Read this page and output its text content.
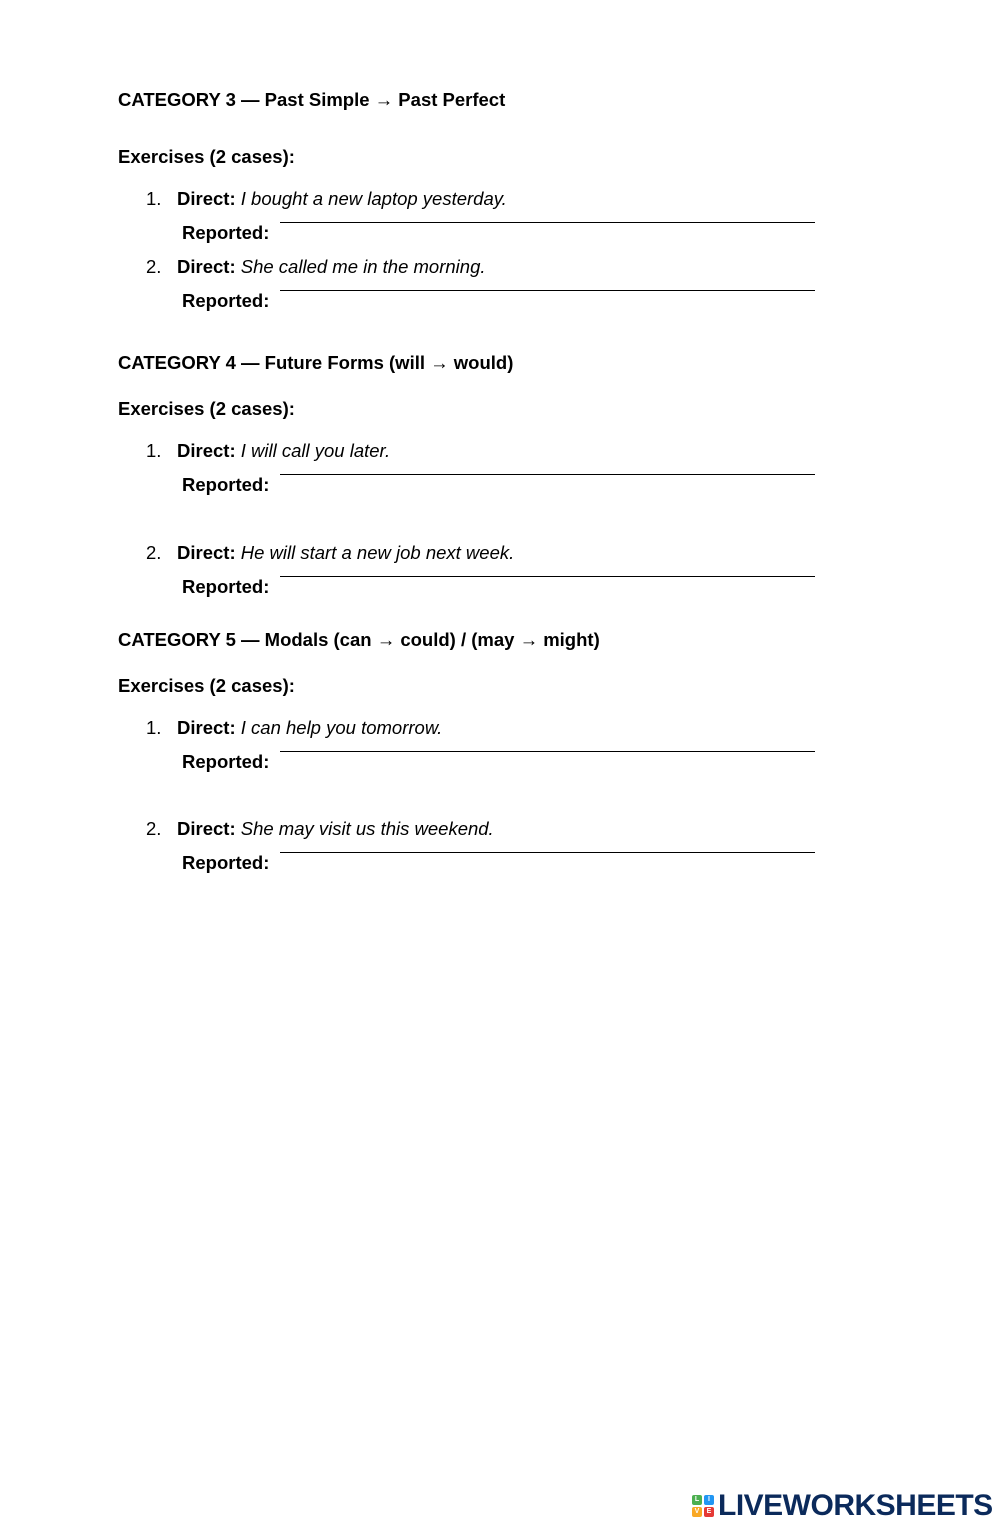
CATEGORY 3 — Past Simple → Past Perfect
Exercises (2 cases):
1. Direct: I bought a new laptop yesterday.
Reported:
2. Direct: She called me in the morning.
Reported:
CATEGORY 4 — Future Forms (will → would)
Exercises (2 cases):
1. Direct: I will call you later.
Reported:
2. Direct: He will start a new job next week.
Reported:
CATEGORY 5 — Modals (can → could) / (may → might)
Exercises (2 cases):
1. Direct: I can help you tomorrow.
Reported:
2. Direct: She may visit us this weekend.
Reported:
L	I
V	E LIVEWORKSHEETS
